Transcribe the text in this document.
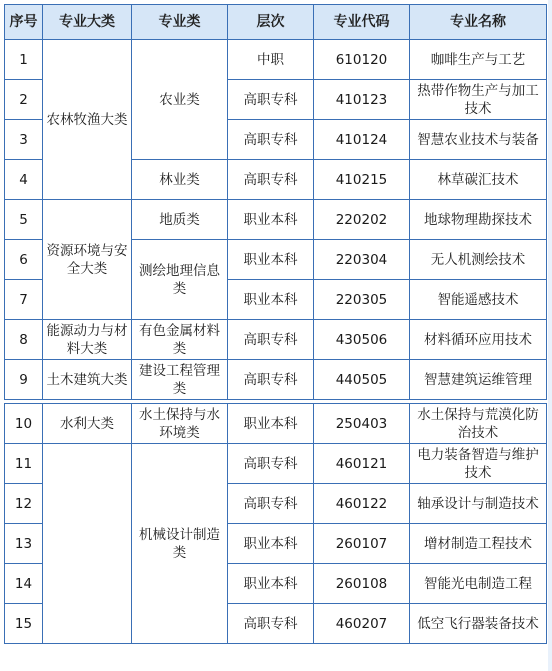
序号	专业大类	专业类	层次	专业代码	专业名称
1	农林牧渔大类	农业类	中职	610120	咖啡生产与工艺
2			高职专科	410123	热带作物生产与加工技术
3			高职专科	410124	智慧农业技术与装备
4		林业类	高职专科	410215	林草碳汇技术
5	资源环境与安全大类	地质类	职业本科	220202	地球物理勘探技术
6		测绘地理信息类	职业本科	220304	无人机测绘技术
7			职业本科	220305	智能遥感技术
8	能源动力与材料大类	有色金属材料类	高职专科	430506	材料循环应用技术
9	土木建筑大类	建设工程管理类	高职专科	440505	智慧建筑运维管理

10	水利大类	水土保持与水环境类	职业本科	250403	水土保持与荒漠化防治技术
11		机械设计制造类	高职专科	460121	电力装备智造与维护技术
12			高职专科	460122	轴承设计与制造技术
13			职业本科	260107	增材制造工程技术
14			职业本科	260108	智能光电制造工程
15			高职专科	460207	低空飞行器装备技术
